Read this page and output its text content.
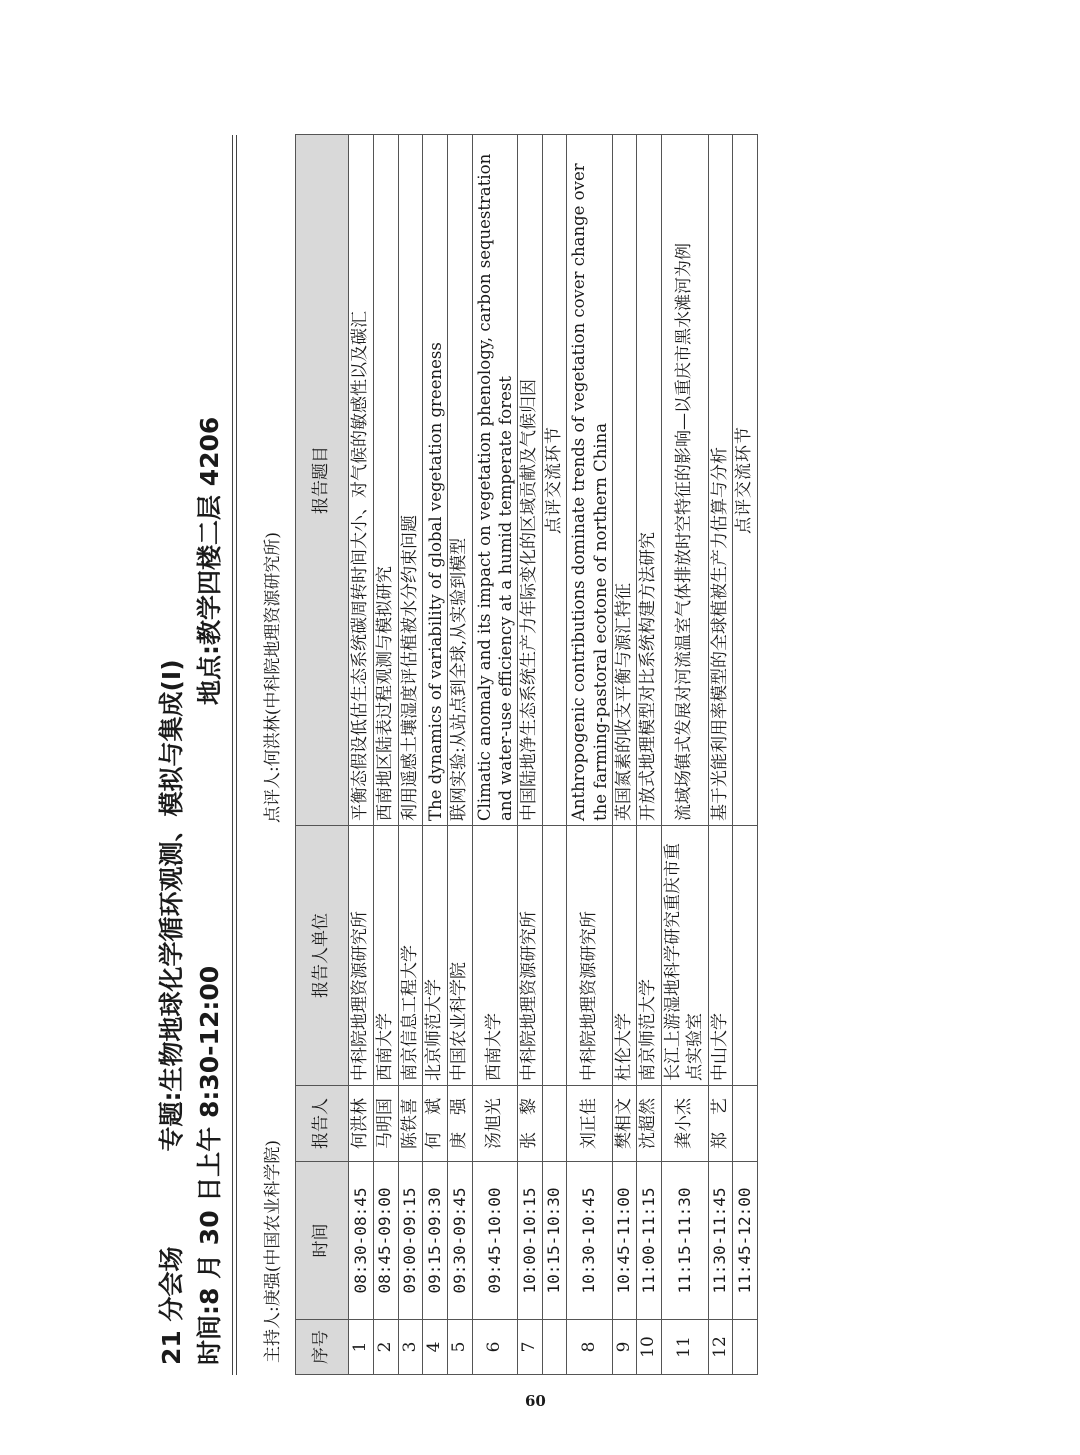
21 分会场专题:生物地球化学循环观测、模拟与集成(Ⅰ)
时间:8 月 30 日上午 8:30-12:00
地点:教学四楼二层 4206
主持人:庚强(中国农业科学院)
点评人:何洪林(中科院地理资源研究所)
序号	时间	报告人	报告人单位	报告题目
1	08:30-08:45	何洪林	中科院地理资源研究所	平衡态假设低估生态系统碳周转时间大小、对气候的敏感性以及碳汇
2	08:45-09:00	马明国	西南大学	西南地区陆表过程观测与模拟研究
3	09:00-09:15	陈铁喜	南京信息工程大学	利用遥感土壤湿度评估植被水分约束问题
4	09:15-09:30	何　斌	北京师范大学	The dynamics of variability of global vegetation greeness
5	09:30-09:45	庚　强	中国农业科学院	联网实验:从站点到全球,从实验到模型
6	09:45-10:00	汤旭光	西南大学	Climatic anomaly and its impact on vegetation phenology, carbon sequestration and water-use efficiency at a humid temperate forest
7	10:00-10:15	张　黎	中科院地理资源研究所	中国陆地净生态系统生产力年际变化的区域贡献及气候归因
	10:15-10:30			点评交流环节
8	10:30-10:45	刘正佳	中科院地理资源研究所	Anthropogenic contributions dominate trends of vegetation cover change over the farming-pastoral ecotone of northern China
9	10:45-11:00	樊相文	杜伦大学	英国氮素的收支平衡与源汇特征
10	11:00-11:15	沈超然	南京师范大学	开放式地理模型对比系统构建方法研究
11	11:15-11:30	龚小杰	长江上游湿地科学研究重庆市重点实验室	流域场镇式发展对河流温室气体排放时空特征的影响—以重庆市黑水滩河为例
12	11:30-11:45	郑　艺	中山大学	基于光能利用率模型的全球植被生产力估算与分析
	11:45-12:00			点评交流环节
60
